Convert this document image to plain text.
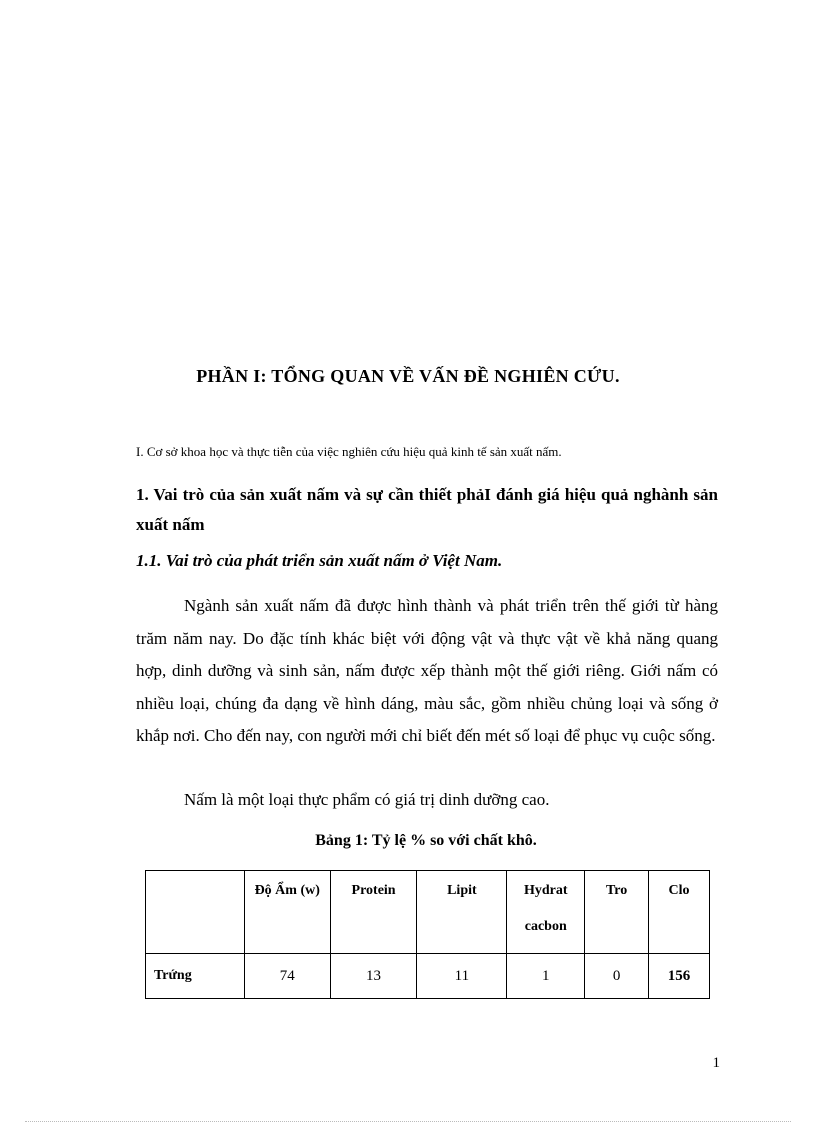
PHẦN I: TỔNG QUAN VỀ VẤN ĐỀ NGHIÊN CỨU.
I. Cơ sở khoa học và thực tiễn của việc nghiên cứu hiệu quả kinh tế sản xuất nấm.
1. Vai trò của sản xuất nấm và sự cần thiết phảI đánh giá hiệu quả nghành sản xuất nấm
1.1. Vai trò của phát triển sản xuất nấm ở Việt Nam.

Ngành sản xuất nấm đã được hình thành và phát triển trên thế giới từ hàng trăm năm nay. Do đặc tính khác biệt với động vật và thực vật về khả năng quang hợp, dinh dưỡng và sinh sản, nấm được xếp thành một thế giới riêng. Giới nấm có nhiều loại, chúng đa dạng về hình dáng, màu sắc, gồm nhiều chủng loại và sống ở khắp nơi. Cho đến nay, con người mới chỉ biết đến mét số loại để phục vụ cuộc sống.

Nấm là một loại thực phẩm có giá trị dinh dưỡng cao.

Bảng 1: Tỷ lệ % so với chất khô.
	Độ Ẩm (w)	Protein	Lipit	Hydrat cacbon	Tro	Clo
Trứng	74	13	11	1	0	156
1
